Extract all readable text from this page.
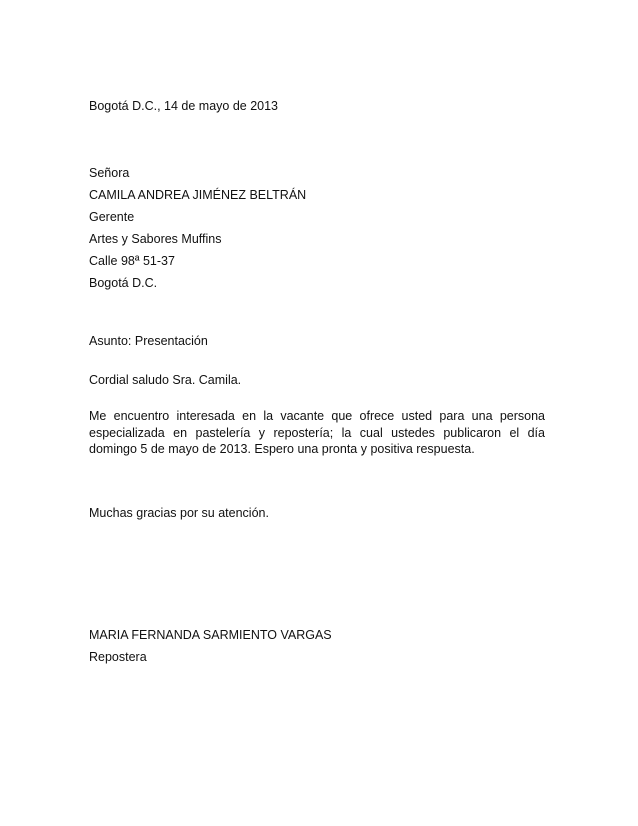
Bogotá D.C., 14 de mayo de 2013
Señora
CAMILA ANDREA JIMÉNEZ BELTRÁN
Gerente
Artes y Sabores Muffins
Calle 98ª 51-37
Bogotá D.C.
Asunto: Presentación
Cordial saludo Sra. Camila.
Me encuentro interesada en la vacante que ofrece usted para una persona
especializada en pastelería y repostería; la cual ustedes publicaron el día
domingo 5 de mayo de 2013. Espero una pronta y positiva respuesta.
Muchas gracias por su atención.
MARIA FERNANDA SARMIENTO VARGAS
Repostera
